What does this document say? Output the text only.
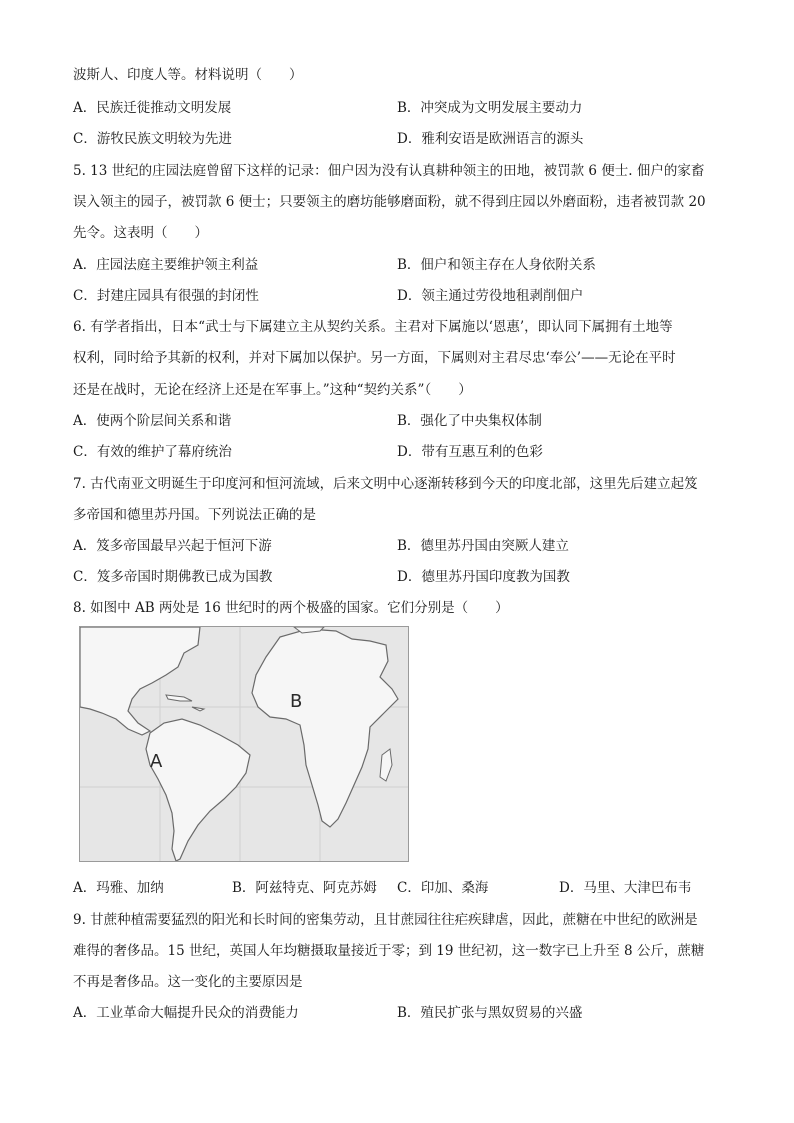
波斯人、印度人等。材料说明（　　）
A．民族迁徙推动文明发展	B．冲突成为文明发展主要动力
C．游牧民族文明较为先进	D．雅利安语是欧洲语言的源头
5. 13 世纪的庄园法庭曾留下这样的记录：佃户因为没有认真耕种领主的田地，被罚款 6 便士. 佃户的家畜
误入领主的园子，被罚款 6 便士；只要领主的磨坊能够磨面粉，就不得到庄园以外磨面粉，违者被罚款 20
先令。这表明（　　）
A．庄园法庭主要维护领主利益	B．佃户和领主存在人身依附关系
C．封建庄园具有很强的封闭性	D．领主通过劳役地租剥削佃户
6. 有学者指出，日本“武士与下属建立主从契约关系。主君对下属施以‘恩惠’，即认同下属拥有土地等
权利，同时给予其新的权利，并对下属加以保护。另一方面，下属则对主君尽忠‘奉公’——无论在平时
还是在战时，无论在经济上还是在军事上。”这种“契约关系”（　　）
A．使两个阶层间关系和谐	B．强化了中央集权体制
C．有效的维护了幕府统治	D．带有互惠互利的色彩
7. 古代南亚文明诞生于印度河和恒河流域，后来文明中心逐渐转移到今天的印度北部，这里先后建立起笈
多帝国和德里苏丹国。下列说法正确的是
A．笈多帝国最早兴起于恒河下游	B．德里苏丹国由突厥人建立
C．笈多帝国时期佛教已成为国教	D．德里苏丹国印度教为国教
8. 如图中 AB 两处是 16 世纪时的两个极盛的国家。它们分别是（　　）
A
B
A．玛雅、加纳	B．阿兹特克、阿克苏姆 C．印加、桑海	D．马里、大津巴布韦
9. 甘蔗种植需要猛烈的阳光和长时间的密集劳动，且甘蔗园往往疟疾肆虐，因此，蔗糖在中世纪的欧洲是
难得的奢侈品。15 世纪，英国人年均糖摄取量接近于零；到 19 世纪初，这一数字已上升至 8 公斤，蔗糖
不再是奢侈品。这一变化的主要原因是
A．工业革命大幅提升民众的消费能力	B．殖民扩张与黑奴贸易的兴盛
